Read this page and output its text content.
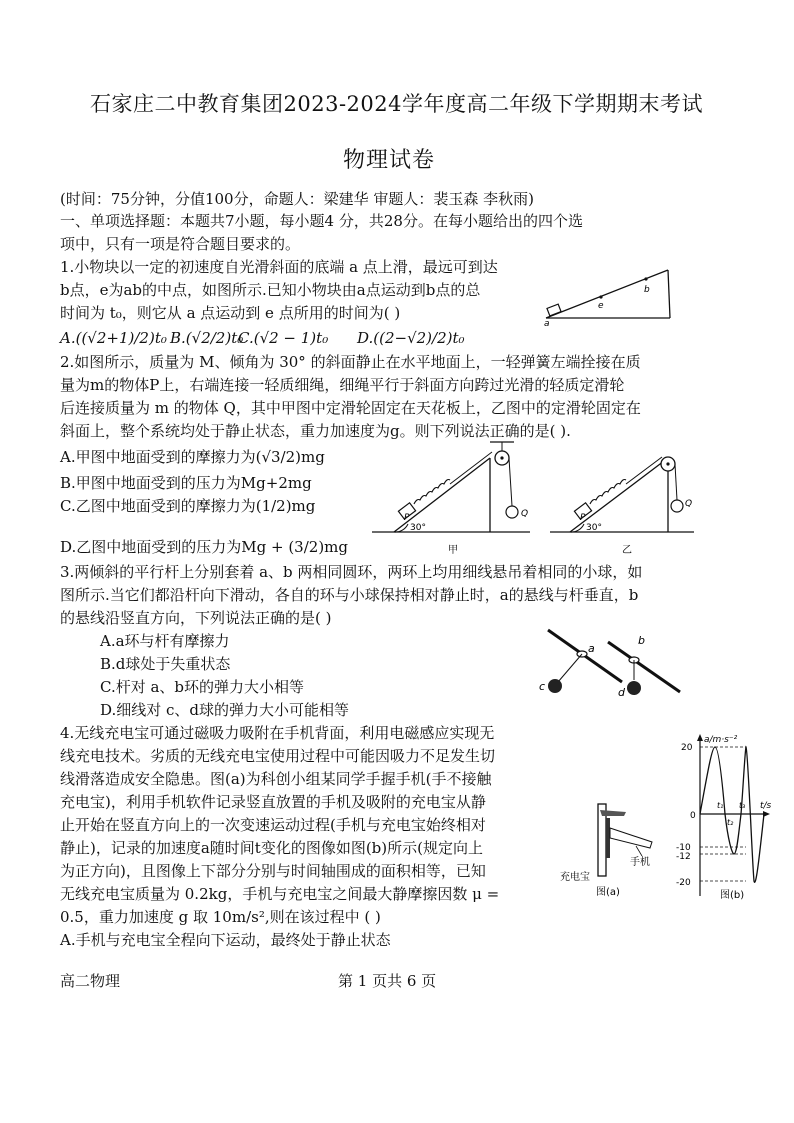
石家庄二中教育集团2023-2024学年度高二年级下学期期末考试
物理试卷
(时间：75分钟，分值100分，命题人：梁建华 审题人：裴玉森 李秋雨)
一、单项选择题：本题共7小题，每小题4 分，共28分。在每小题给出的四个选
项中，只有一项是符合题目要求的。
1.小物块以一定的初速度自光滑斜面的底端 a 点上滑，最远可到达
b点，e为ab的中点，如图所示.已知小物块由a点运动到b点的总
时间为 t₀，则它从 a 点运动到 e 点所用的时间为( )
A.((√2+1)/2)t₀ B.(√2/2)t₀
C.(√2 − 1)t₀ D.((2−√2)/2)t₀
a
e
b
2.如图所示，质量为 M、倾角为 30° 的斜面静止在水平地面上，一轻弹簧左端拴接在质
量为m的物体P上，右端连接一轻质细绳，细绳平行于斜面方向跨过光滑的轻质定滑轮
后连接质量为 m 的物体 Q，其中甲图中定滑轮固定在天花板上，乙图中的定滑轮固定在
斜面上，整个系统均处于静止状态，重力加速度为g。则下列说法正确的是( ).
A.甲图中地面受到的摩擦力为(√3/2)mg
B.甲图中地面受到的压力为Mg+2mg
C.乙图中地面受到的摩擦力为(1/2)mg
D.乙图中地面受到的压力为Mg + (3/2)mg
P
30°
Q
甲
P
30°
Q
乙
3.两倾斜的平行杆上分别套着 a、b 两相同圆环，两环上均用细线悬吊着相同的小球，如
图所示.当它们都沿杆向下滑动，各自的环与小球保持相对静止时，a的悬线与杆垂直，b
的悬线沿竖直方向，下列说法正确的是( )
A.a环与杆有摩擦力
B.d球处于失重状态
C.杆对 a、b环的弹力大小相等
D.细线对 c、d球的弹力大小可能相等
a
b
c	d
4.无线充电宝可通过磁吸力吸附在手机背面，利用电磁感应实现无
线充电技术。劣质的无线充电宝使用过程中可能因吸力不足发生切
线滑落造成安全隐患。图(a)为科创小组某同学手握手机(手不接触
充电宝)，利用手机软件记录竖直放置的手机及吸附的充电宝从静
止开始在竖直方向上的一次变速运动过程(手机与充电宝始终相对
静止)，记录的加速度a随时间t变化的图像如图(b)所示(规定向上
为正方向)，且图像上下部分分别与时间轴围成的面积相等，已知
无线充电宝质量为 0.2kg，手机与充电宝之间最大静摩擦因数 μ =
0.5，重力加速度 g 取 10m/s²,则在该过程中 ( )
A.手机与充电宝全程向下运动，最终处于静止状态
手机
充电宝
图(a)
a/m·s⁻²
t/s
0
20
-10
-12
-20
t₁
t₂
t₃
图(b)
高二物理	第 1 页共 6 页
